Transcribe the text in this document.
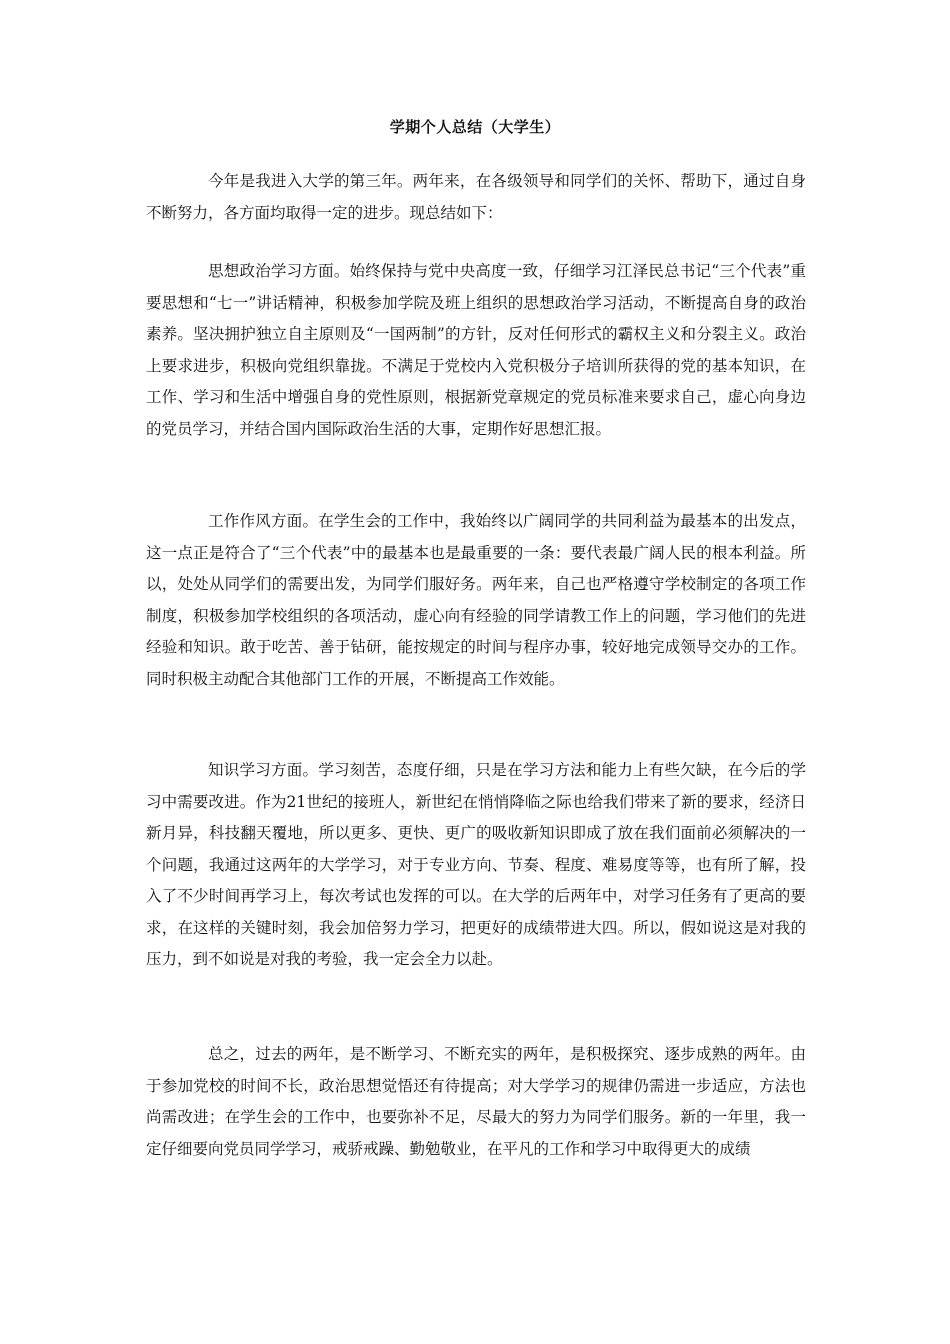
学期个人总结（大学生）

今年是我进入大学的第三年。两年来，在各级领导和同学们的关怀、帮助下，通过自身不断努力，各方面均取得一定的进步。现总结如下：

思想政治学习方面。始终保持与党中央高度一致，仔细学习江泽民总书记“三个代表”重要思想和“七一”讲话精神，积极参加学院及班上组织的思想政治学习活动，不断提高自身的政治素养。坚决拥护独立自主原则及“一国两制”的方针，反对任何形式的霸权主义和分裂主义。政治上要求进步，积极向党组织靠拢。不满足于党校内入党积极分子培训所获得的党的基本知识，在工作、学习和生活中增强自身的党性原则，根据新党章规定的党员标准来要求自己，虚心向身边的党员学习，并结合国内国际政治生活的大事，定期作好思想汇报。

工作作风方面。在学生会的工作中，我始终以广阔同学的共同利益为最基本的出发点，这一点正是符合了“三个代表”中的最基本也是最重要的一条：要代表最广阔人民的根本利益。所以，处处从同学们的需要出发，为同学们服好务。两年来，自己也严格遵守学校制定的各项工作制度，积极参加学校组织的各项活动，虚心向有经验的同学请教工作上的问题，学习他们的先进经验和知识。敢于吃苦、善于钻研，能按规定的时间与程序办事，较好地完成领导交办的工作。同时积极主动配合其他部门工作的开展，不断提高工作效能。

知识学习方面。学习刻苦，态度仔细，只是在学习方法和能力上有些欠缺，在今后的学习中需要改进。作为21世纪的接班人，新世纪在悄悄降临之际也给我们带来了新的要求，经济日新月异，科技翻天覆地，所以更多、更快、更广的吸收新知识即成了放在我们面前必须解决的一个问题，我通过这两年的大学学习，对于专业方向、节奏、程度、难易度等等，也有所了解，投入了不少时间再学习上，每次考试也发挥的可以。在大学的后两年中，对学习任务有了更高的要求，在这样的关键时刻，我会加倍努力学习，把更好的成绩带进大四。所以，假如说这是对我的压力，到不如说是对我的考验，我一定会全力以赴。

总之，过去的两年，是不断学习、不断充实的两年，是积极探究、逐步成熟的两年。由于参加党校的时间不长，政治思想觉悟还有待提高；对大学学习的规律仍需进一步适应，方法也尚需改进；在学生会的工作中，也要弥补不足，尽最大的努力为同学们服务。新的一年里，我一定仔细要向党员同学学习，戒骄戒躁、勤勉敬业，在平凡的工作和学习中取得更大的成绩
